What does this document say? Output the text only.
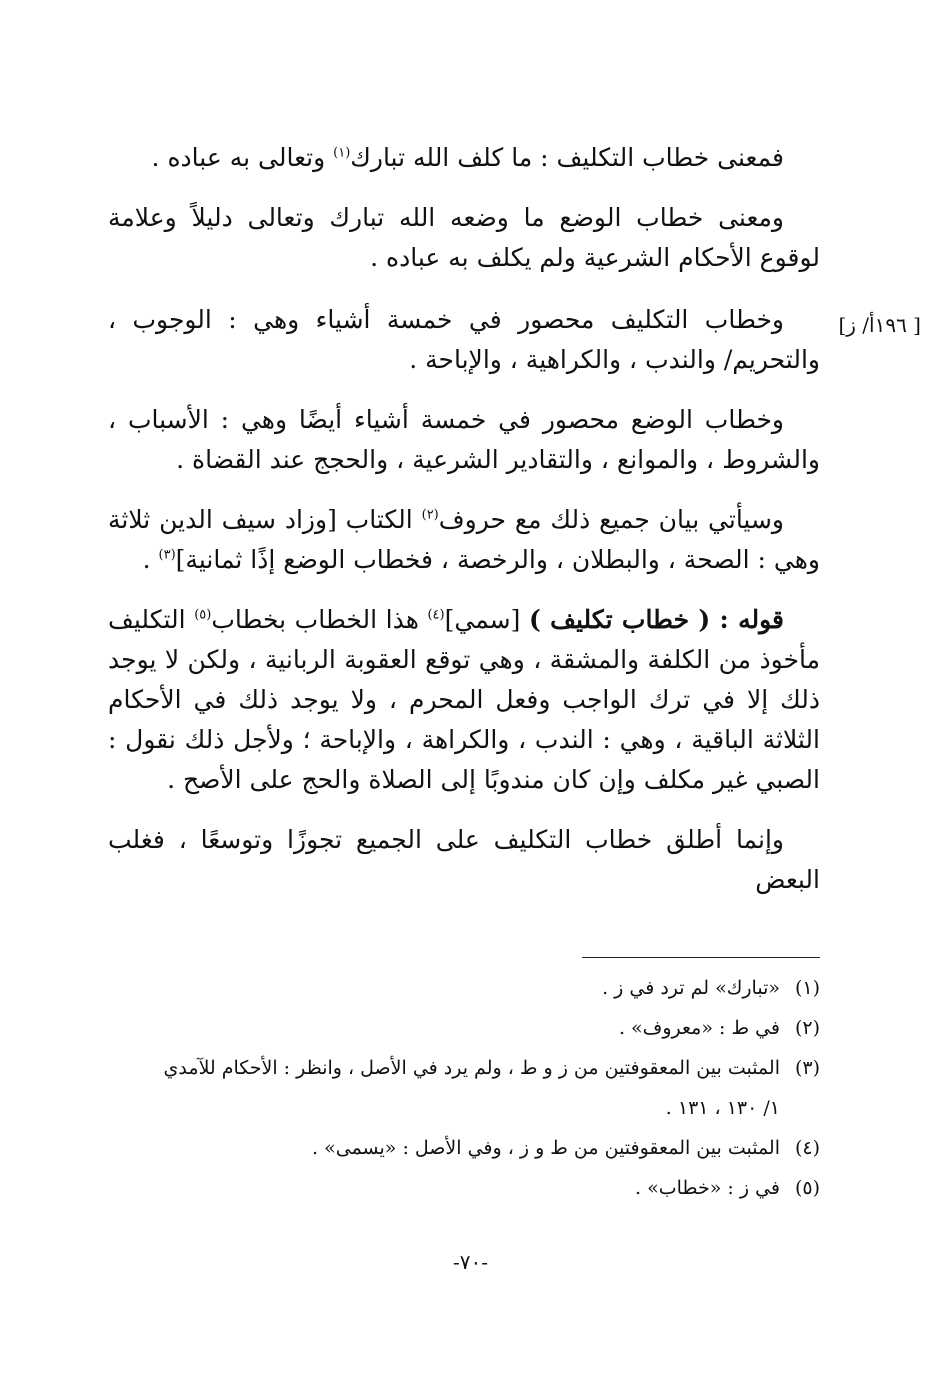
[ ١٩٦أ/ ز]

فمعنى خطاب التكليف : ما كلف الله تبارك$^{(١)}$ وتعالى به عباده .

ومعنى خطاب الوضع ما وضعه الله تبارك وتعالى دليلاً وعلامة لوقوع الأحكام الشرعية ولم يكلف به عباده .

وخطاب التكليف محصور في خمسة أشياء وهي : الوجوب ، والتحريم/ والندب ، والكراهية ، والإباحة .

وخطاب الوضع محصور في خمسة أشياء أيضًا وهي : الأسباب ، والشروط ، والموانع ، والتقادير الشرعية ، والحجج عند القضاة .

وسيأتي بيان جميع ذلك مع حروف$^{(٢)}$ الكتاب [وزاد سيف الدين ثلاثة وهي : الصحة ، والبطلان ، والرخصة ، فخطاب الوضع إذًا ثمانية]$^{(٣)}$ .

قوله : ( خطاب تكليف ) [سمي]$^{(٤)}$ هذا الخطاب بخطاب$^{(٥)}$ التكليف مأخوذ من الكلفة والمشقة ، وهي توقع العقوبة الربانية ، ولكن لا يوجد ذلك إلا في ترك الواجب وفعل المحرم ، ولا يوجد ذلك في الأحكام الثلاثة الباقية ، وهي : الندب ، والكراهة ، والإباحة ؛ ولأجل ذلك نقول : الصبي غير مكلف وإن كان مندوبًا إلى الصلاة والحج على الأصح .

وإنما أطلق خطاب التكليف على الجميع تجوزًا وتوسعًا ، فغلب البعض

(١)
«تبارك» لم ترد في ز .
(٢)
في ط : «معروف» .
(٣)
المثبت بين المعقوفتين من ز و ط ، ولم يرد في الأصل ، وانظر : الأحكام للآمدي
١/ ١٣٠ ، ١٣١ .
(٤)
المثبت بين المعقوفتين من ط و ز ، وفي الأصل : «يسمى» .
(٥)
في ز : «خطاب» .
-٧٠-
